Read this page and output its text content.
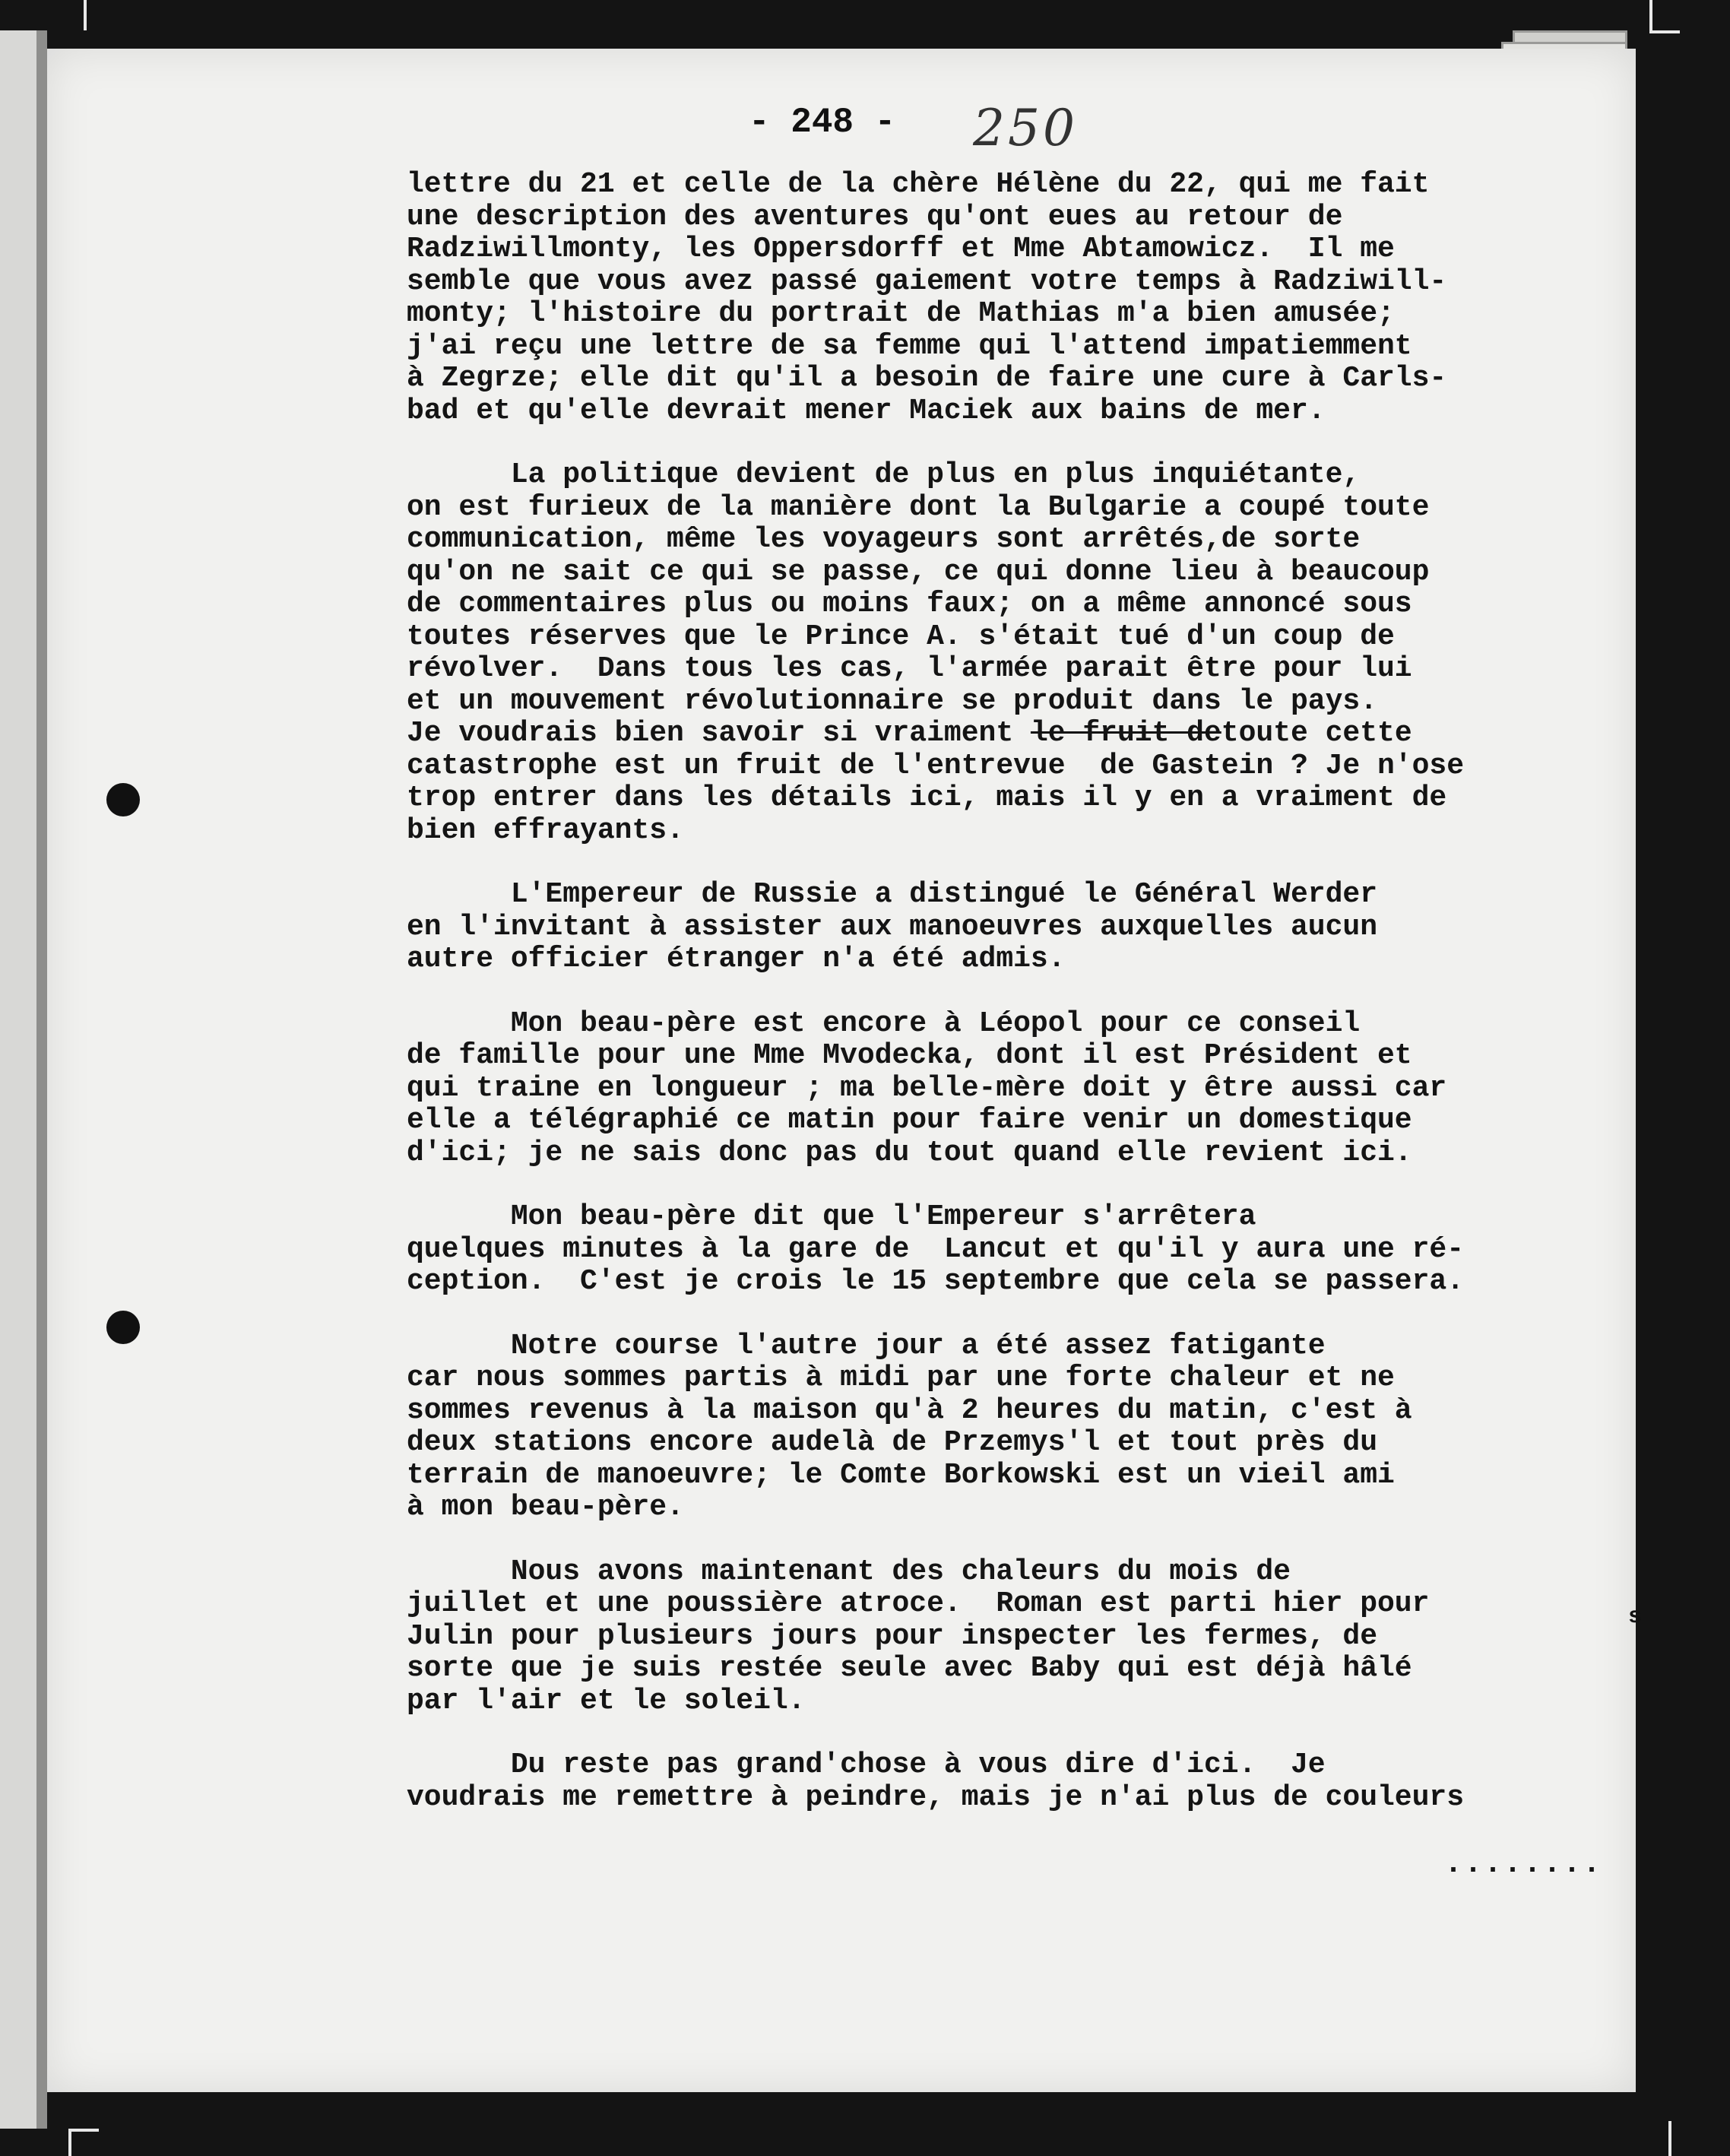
- 248 - 250
lettre du 21 et celle de la chère Hélène du 22, qui me fait
une description des aventures qu'ont eues au retour de
Radziwillmonty, les Oppersdorff et Mme Abtamowicz.  Il me
semble que vous avez passé gaiement votre temps à Radziwill-
monty; l'histoire du portrait de Mathias m'a bien amusée;
j'ai reçu une lettre de sa femme qui l'attend impatiemment
à Zegrze; elle dit qu'il a besoin de faire une cure à Carls-
bad et qu'elle devrait mener Maciek aux bains de mer.
La politique devient de plus en plus inquiétante,
on est furieux de la manière dont la Bulgarie a coupé toute
communication, même les voyageurs sont arrêtés,de sorte
qu'on ne sait ce qui se passe, ce qui donne lieu à beaucoup
de commentaires plus ou moins faux; on a même annoncé sous
toutes réserves que le Prince A. s'était tué d'un coup de
révolver.  Dans tous les cas, l'armée parait être pour lui
et un mouvement révolutionnaire se produit dans le pays.
Je voudrais bien savoir si vraiment le fruit detoute cette
catastrophe est un fruit de l'entrevue  de Gastein ? Je n'ose
trop entrer dans les détails ici, mais il y en a vraiment de
bien effrayants.
L'Empereur de Russie a distingué le Général Werder
en l'invitant à assister aux manoeuvres auxquelles aucun
autre officier étranger n'a été admis.
Mon beau-père est encore à Léopol pour ce conseil
de famille pour une Mme Mvodecka, dont il est Président et
qui traine en longueur ; ma belle-mère doit y être aussi car
elle a télégraphié ce matin pour faire venir un domestique
d'ici; je ne sais donc pas du tout quand elle revient ici.
Mon beau-père dit que l'Empereur s'arrêtera
quelques minutes à la gare de  Lancut et qu'il y aura une ré-
ception.  C'est je crois le 15 septembre que cela se passera.
Notre course l'autre jour a été assez fatigante
car nous sommes partis à midi par une forte chaleur et ne
sommes revenus à la maison qu'à 2 heures du matin, c'est à
deux stations encore audelà de Przemys'l et tout près du
terrain de manoeuvre; le Comte Borkowski est un vieil ami
à mon beau-père.
Nous avons maintenant des chaleurs du mois de
juillet et une poussière atroce.  Roman est parti hier pour
Julin pour plusieurs jours pour inspecter les fermes, de
sorte que je suis restée seule avec Baby qui est déjà hâlé
par l'air et le soleil.
Du reste pas grand'chose à vous dire d'ici.  Je
voudrais me remettre à peindre, mais je n'ai plus de couleurs
........
s
